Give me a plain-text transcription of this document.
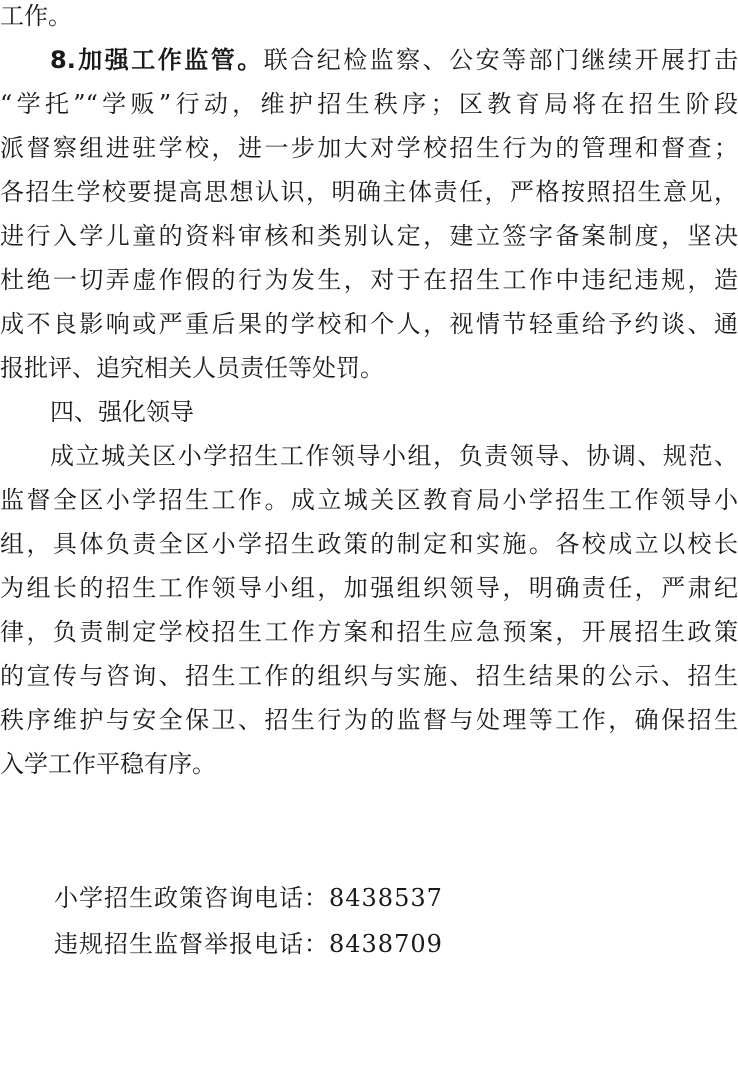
工作。
8.加强工作监管。联合纪检监察、公安等部门继续开展打击
“学托”“学贩”行动，维护招生秩序；区教育局将在招生阶段
派督察组进驻学校，进一步加大对学校招生行为的管理和督查；
各招生学校要提高思想认识，明确主体责任，严格按照招生意见，
进行入学儿童的资料审核和类别认定，建立签字备案制度，坚决
杜绝一切弄虚作假的行为发生，对于在招生工作中违纪违规，造
成不良影响或严重后果的学校和个人，视情节轻重给予约谈、通
报批评、追究相关人员责任等处罚。
四、强化领导
成立城关区小学招生工作领导小组，负责领导、协调、规范、
监督全区小学招生工作。成立城关区教育局小学招生工作领导小
组，具体负责全区小学招生政策的制定和实施。各校成立以校长
为组长的招生工作领导小组，加强组织领导，明确责任，严肃纪
律，负责制定学校招生工作方案和招生应急预案，开展招生政策
的宣传与咨询、招生工作的组织与实施、招生结果的公示、招生
秩序维护与安全保卫、招生行为的监督与处理等工作，确保招生
入学工作平稳有序。
小学招生政策咨询电话：8438537
违规招生监督举报电话：8438709
